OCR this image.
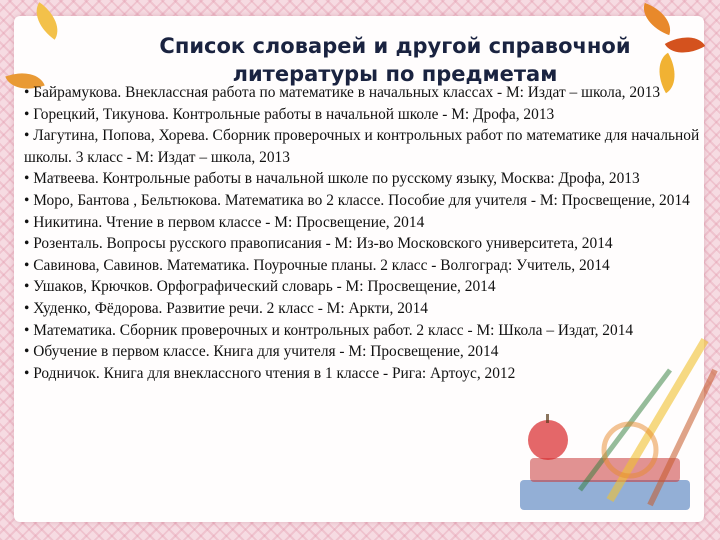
Список словарей и другой справочной
литературы по предметам
• Байрамукова. Внеклассная работа по математике в начальных классах - М: Издат – школа, 2013
• Горецкий, Тикунова. Контрольные работы в начальной школе - М: Дрофа, 2013
• Лагутина, Попова, Хорева. Сборник проверочных и контрольных работ по математике для начальной школы. 3 класс - М: Издат – школа, 2013
• Матвеева. Контрольные работы в начальной школе по русскому языку, Москва: Дрофа, 2013
• Моро, Бантова , Бельтюкова. Математика во 2 классе. Пособие для учителя - М: Просвещение, 2014
• Никитина. Чтение в первом классе - М: Просвещение, 2014
• Розенталь. Вопросы русского правописания - М: Из-во Московского университета, 2014
• Савинова, Савинов. Математика. Поурочные планы. 2 класс - Волгоград: Учитель, 2014
• Ушаков, Крючков. Орфографический словарь - М: Просвещение, 2014
• Худенко, Фёдорова. Развитие речи. 2 класс - М: Аркти, 2014
• Математика. Сборник проверочных и контрольных работ. 2 класс - М: Школа – Издат, 2014
• Обучение в первом классе. Книга для учителя - М: Просвещение, 2014
• Родничок. Книга для внеклассного чтения в 1 классе - Рига: Артоус, 2012
